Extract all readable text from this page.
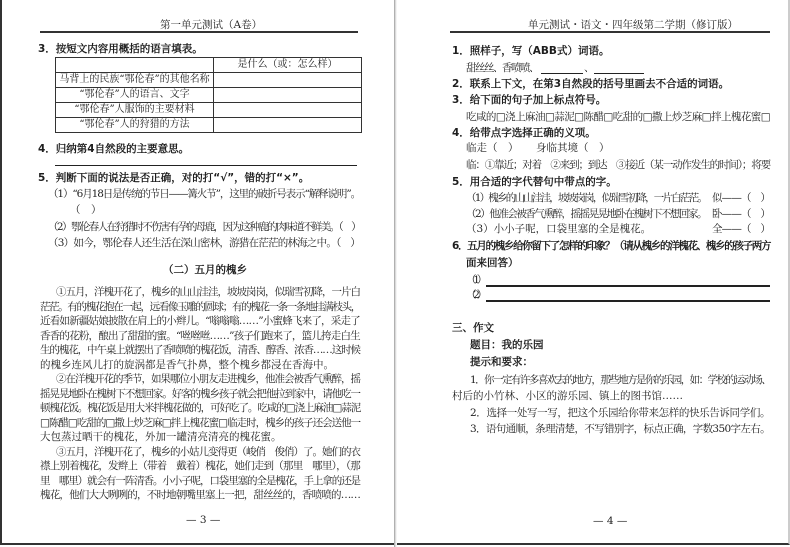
第一单元测试（A卷）
3．按短文内容用概括的语言填表。
	是什么（或：怎么样）
马背上的民族“鄂伦春”的其他名称	
“鄂伦春”人的语言、文字	
“鄂伦春”人服饰的主要材料	
“鄂伦春”人的狩猎的方法	
4．归纳第4自然段的主要意思。
5．判断下面的说法是否正确，对的打“√”，错的打“×”。
（1）“6月18日是传统的节日——篝火节”，这里的破折号表示“解释说明”。
（　）
（2）鄂伦春人在狩猎时不伤害有孕的母鹿，因为这种鹿的肉味道不鲜美。（　）
（3）如今，鄂伦春人还生活在深山密林，游猎在茫茫的林海之中。（　）
（二）五月的槐乡
①五月，洋槐开花了，槐乡的山山洼洼，坡坡岗岗，似瑞雪初降，一片白
茫茫。有的槐花抱在一起，远看像玉雕的圆球；有的槐花一条一条地挂满枝头，
近看如新疆姑娘披散在肩上的小辫儿。“嗡嗡嗡……”小蜜蜂飞来了，采走了
香香的花粉，酿出了甜甜的蜜。“咝咝咝……”孩子们跑来了，篮儿挎走白生
生的槐花，中午桌上就摆出了香喷喷的槐花饭，清香、醇香、浓香……这时候
的槐乡连风儿打的旋涡都是香气扑鼻，整个槐乡都浸在香海中。
②在洋槐开花的季节，如果哪位小朋友走进槐乡，他准会被香气熏醉，摇
摇晃晃地卧在槐树下不想回家。好客的槐乡孩子就会把他拉到家中，请他吃一
顿槐花饭。槐花饭是用大米拌槐花做的，可好吃了。吃咸的□浇上麻油□蒜泥
□陈醋□吃甜的□撒上炒芝麻□拌上槐花蜜□临走时，槐乡的孩子还会送他一
大包蒸过晒干的槐花，外加一罐清亮清亮的槐花蜜。
③五月，洋槐开花了，槐乡的小姑儿变得更（峻俏　俊俏）了。她们的衣
襟上别着槐花，发辫上（带着　戴着）槐花，她们走到（那里　哪里），（那
里　哪里）就会有一阵清香。小小子呢，口袋里塞的全是槐花，手上拿的还是
槐花，他们大大咧咧的，不时地朝嘴里塞上一把，甜丝丝的，香喷喷的……
— 3 —
单元测试・语文・四年级第二学期（修订版）
1．照样子，写（ABB式）词语。
甜丝丝、香喷喷、	、
2．联系上下文，在第3自然段的括号里画去不合适的词语。
3．给下面的句子加上标点符号。
吃咸的□浇上麻油□蒜泥□陈醋□吃甜的□撒上炒芝麻□拌上槐花蜜□
4．给带点字选择正确的义项。
临走（　）	身临其境（　）
临：①靠近；对着　②来到；到达　③接近（某一动作发生的时间）；将要
5．用合适的字代替句中带点的字。
（1）槐乡的山山洼洼，坡坡岗岗，似瑞雪初降，一片白茫茫。 似——（　）
（2）他准会被香气熏醉，摇摇晃晃地卧在槐树下不想回家。 卧——（　）
（3）小小子呢，口袋里塞的全是槐花。	全——（　）
6．五月的槐乡给你留下了怎样的印象？（请从槐乡的洋槐花、槐乡的孩子两方
面来回答）
（1）
（2）
三、作文
题目：我的乐园
提示和要求：
1．你一定有许多喜欢去的地方，那些地方是你的乐园，如：学校的运动场、
村后的小竹林、小区的游乐园、镇上的图书馆……
2．选择一处写一写，把这个乐园给你带来怎样的快乐告诉同学们。
3．语句通顺，条理清楚，不写错别字，标点正确，字数350字左右。
— 4 —
